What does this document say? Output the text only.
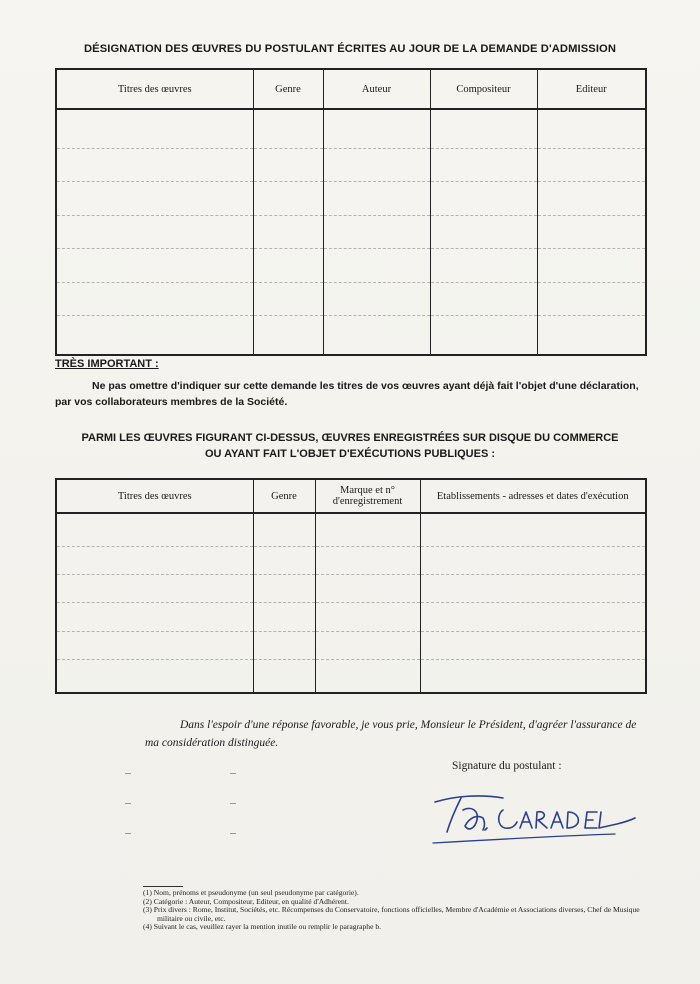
DÉSIGNATION DES ŒUVRES DU POSTULANT ÉCRITES AU JOUR DE LA DEMANDE D'ADMISSION
Titres des œuvres	Genre	Auteur	Compositeur	Editeur

TRÈS IMPORTANT :
Ne pas omettre d'indiquer sur cette demande les titres de vos œuvres ayant déjà fait l'objet d'une déclaration, par vos collaborateurs membres de la Société.
PARMI LES ŒUVRES FIGURANT CI-DESSUS, ŒUVRES ENREGISTRÉES SUR DISQUE DU COMMERCE
OU AYANT FAIT L'OBJET D'EXÉCUTIONS PUBLIQUES :
Titres des œuvres	Genre	Marque et n° d'enregistrement	Etablissements - adresses et dates d'exécution

Dans l'espoir d'une réponse favorable, je vous prie, Monsieur le Président, d'agréer l'assurance de ma considération distinguée.
Signature du postulant :
(1) Nom, prénoms et pseudonyme (un seul pseudonyme par catégorie).
(2) Catégorie : Auteur, Compositeur, Editeur, en qualité d'Adhérent.
(3) Prix divers : Rome, Institut, Sociétés, etc. Récompenses du Conservatoire, fonctions officielles, Membre d'Académie et Associations diverses, Chef de Musique militaire ou civile, etc.
(4) Suivant le cas, veuillez rayer la mention inutile ou remplir le paragraphe b.
